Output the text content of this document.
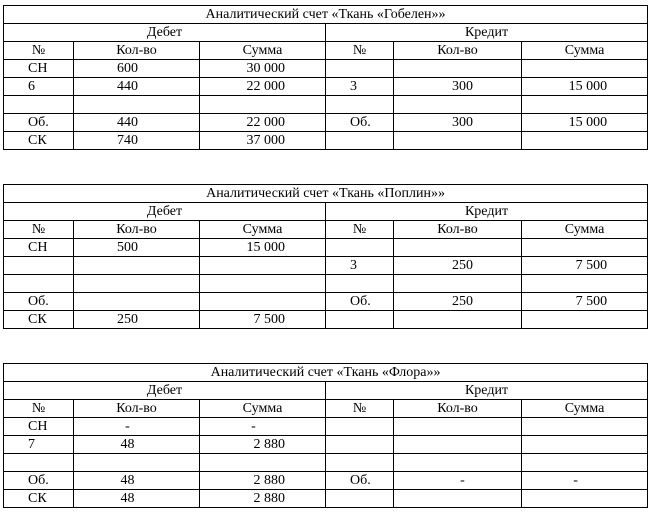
Аналитический счет «Ткань «Гобелен»»					
Дебет			Кредит		
№	Кол-во	Сумма	№	Кол-во	Сумма
СН	600	30 000			
6	440	22 000	3	300	15 000

Об.	440	22 000	Об.	300	15 000
СК	740	37 000			
Аналитический счет «Ткань «Поплин»»					
Дебет			Кредит		
№	Кол-во	Сумма	№	Кол-во	Сумма
СН	500	15 000			
			3	250	7 500

Об.			Об.	250	7 500
СК	250	7 500			
Аналитический счет «Ткань «Флора»»					
Дебет			Кредит		
№	Кол-во	Сумма	№	Кол-во	Сумма
СН	-	-			
7	48	2 880			

Об.	48	2 880	Об.	-	-
СК	48	2 880			
